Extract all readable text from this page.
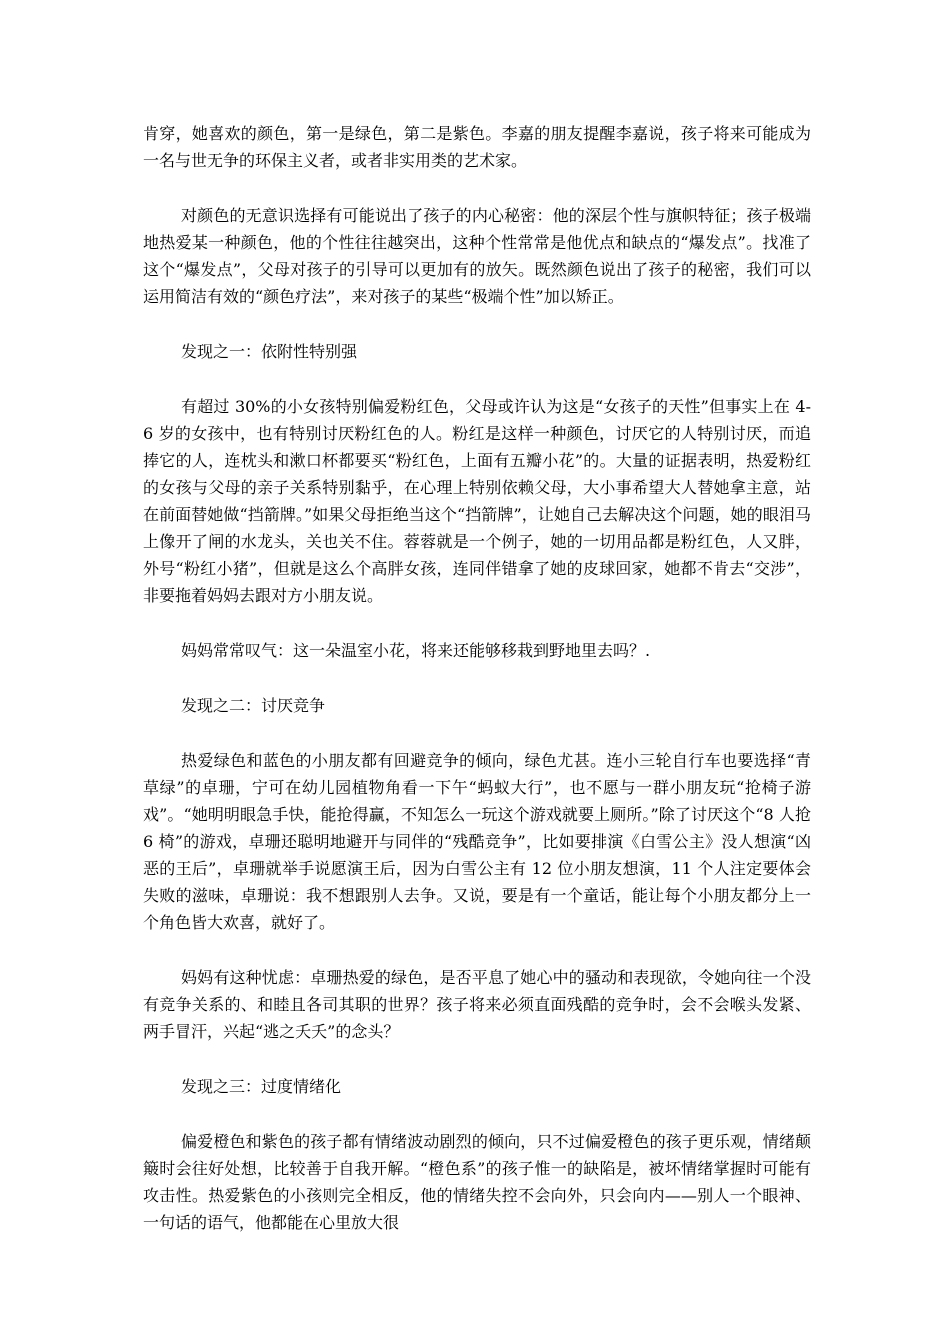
肯穿，她喜欢的颜色，第一是绿色，第二是紫色。李嘉的朋友提醒李嘉说，孩子将来可能成为一名与世无争的环保主义者，或者非实用类的艺术家。

对颜色的无意识选择有可能说出了孩子的内心秘密：他的深层个性与旗帜特征；孩子极端地热爱某一种颜色，他的个性往往越突出，这种个性常常是他优点和缺点的“爆发点”。找准了这个“爆发点”，父母对孩子的引导可以更加有的放矢。既然颜色说出了孩子的秘密，我们可以运用简洁有效的“颜色疗法”，来对孩子的某些“极端个性”加以矫正。

发现之一：依附性特别强

有超过 30%的小女孩特别偏爱粉红色，父母或许认为这是“女孩子的天性”但事实上在 4-6 岁的女孩中，也有特别讨厌粉红色的人。粉红是这样一种颜色，讨厌它的人特别讨厌，而追捧它的人，连枕头和漱口杯都要买“粉红色，上面有五瓣小花”的。大量的证据表明，热爱粉红的女孩与父母的亲子关系特别黏乎，在心理上特别依赖父母，大小事希望大人替她拿主意，站在前面替她做“挡箭牌。”如果父母拒绝当这个“挡箭牌”，让她自己去解决这个问题，她的眼泪马上像开了闸的水龙头，关也关不住。蓉蓉就是一个例子，她的一切用品都是粉红色，人又胖，外号“粉红小猪”，但就是这么个高胖女孩，连同伴错拿了她的皮球回家，她都不肯去“交涉”，非要拖着妈妈去跟对方小朋友说。

妈妈常常叹气：这一朵温室小花，将来还能够移栽到野地里去吗？.

发现之二：讨厌竞争

热爱绿色和蓝色的小朋友都有回避竞争的倾向，绿色尤甚。连小三轮自行车也要选择“青草绿”的卓珊，宁可在幼儿园植物角看一下午“蚂蚁大行”，也不愿与一群小朋友玩“抢椅子游戏”。“她明明眼急手快，能抢得赢，不知怎么一玩这个游戏就要上厕所。”除了讨厌这个“8 人抢 6 椅”的游戏，卓珊还聪明地避开与同伴的“残酷竞争”，比如要排演《白雪公主》没人想演“凶恶的王后”，卓珊就举手说愿演王后，因为白雪公主有 12 位小朋友想演，11 个人注定要体会失败的滋味，卓珊说：我不想跟别人去争。又说，要是有一个童话，能让每个小朋友都分上一个角色皆大欢喜，就好了。

妈妈有这种忧虑：卓珊热爱的绿色，是否平息了她心中的骚动和表现欲，令她向往一个没有竞争关系的、和睦且各司其职的世界？孩子将来必须直面残酷的竞争时，会不会喉头发紧、两手冒汗，兴起“逃之夭夭”的念头？

发现之三：过度情绪化

偏爱橙色和紫色的孩子都有情绪波动剧烈的倾向，只不过偏爱橙色的孩子更乐观，情绪颠簸时会往好处想，比较善于自我开解。“橙色系”的孩子惟一的缺陷是，被坏情绪掌握时可能有攻击性。热爱紫色的小孩则完全相反，他的情绪失控不会向外，只会向内——别人一个眼神、一句话的语气，他都能在心里放大很
